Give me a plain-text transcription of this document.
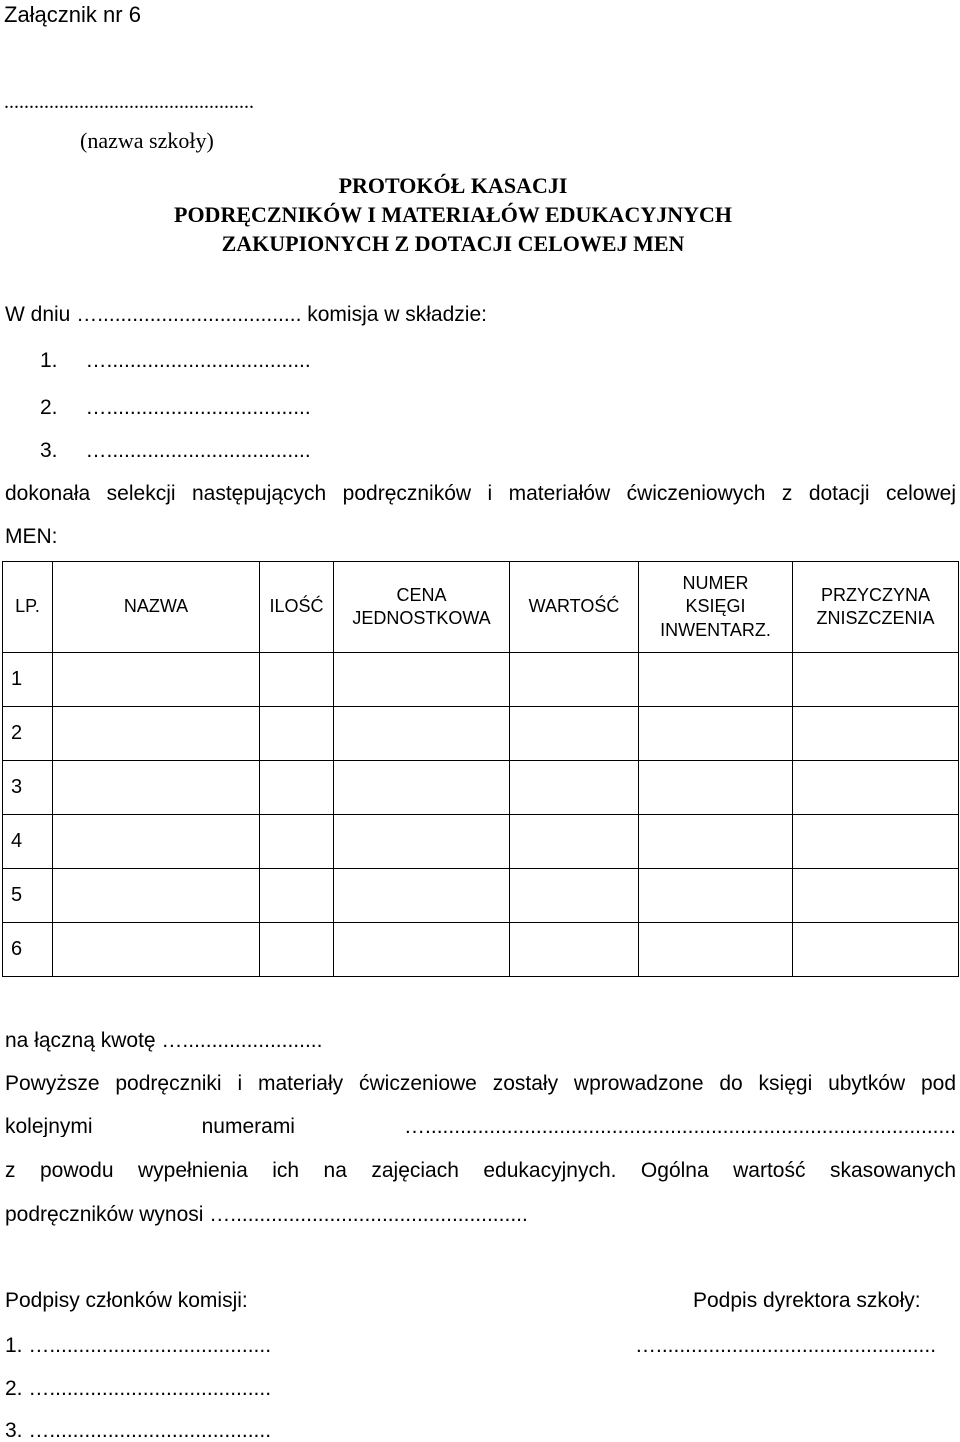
Załącznik nr 6
..................................................
(nazwa szkoły)
PROTOKÓŁ KASACJI
PODRĘCZNIKÓW I MATERIAŁÓW EDUKACYJNYCH
ZAKUPIONYCH Z DOTACJI CELOWEJ MEN
W dniu …................................... komisja w składzie:
1. …...................................
2. …...................................
3. …...................................
dokonała selekcji następujących podręczników i materiałów ćwiczeniowych z dotacji celowej
MEN:
LP.	NAZWA	ILOŚĆ	CENA JEDNOSTKOWA	WARTOŚĆ	NUMER KSIĘGI INWENTARZ.	PRZYCZYNA ZNISZCZENIA
1						
2						
3						
4						
5						
6						
na łączną kwotę …........................
Powyższe podręczniki i materiały ćwiczeniowe zostały wprowadzone do księgi ubytków pod
kolejnymi numerami …...........................................................................................
z powodu wypełnienia ich na zajęciach edukacyjnych. Ogólna wartość skasowanych
podręczników wynosi …...................................................
Podpisy członków komisji:	Podpis dyrektora szkoły:
1. …......................................	…................................................
2. …......................................
3. …......................................
